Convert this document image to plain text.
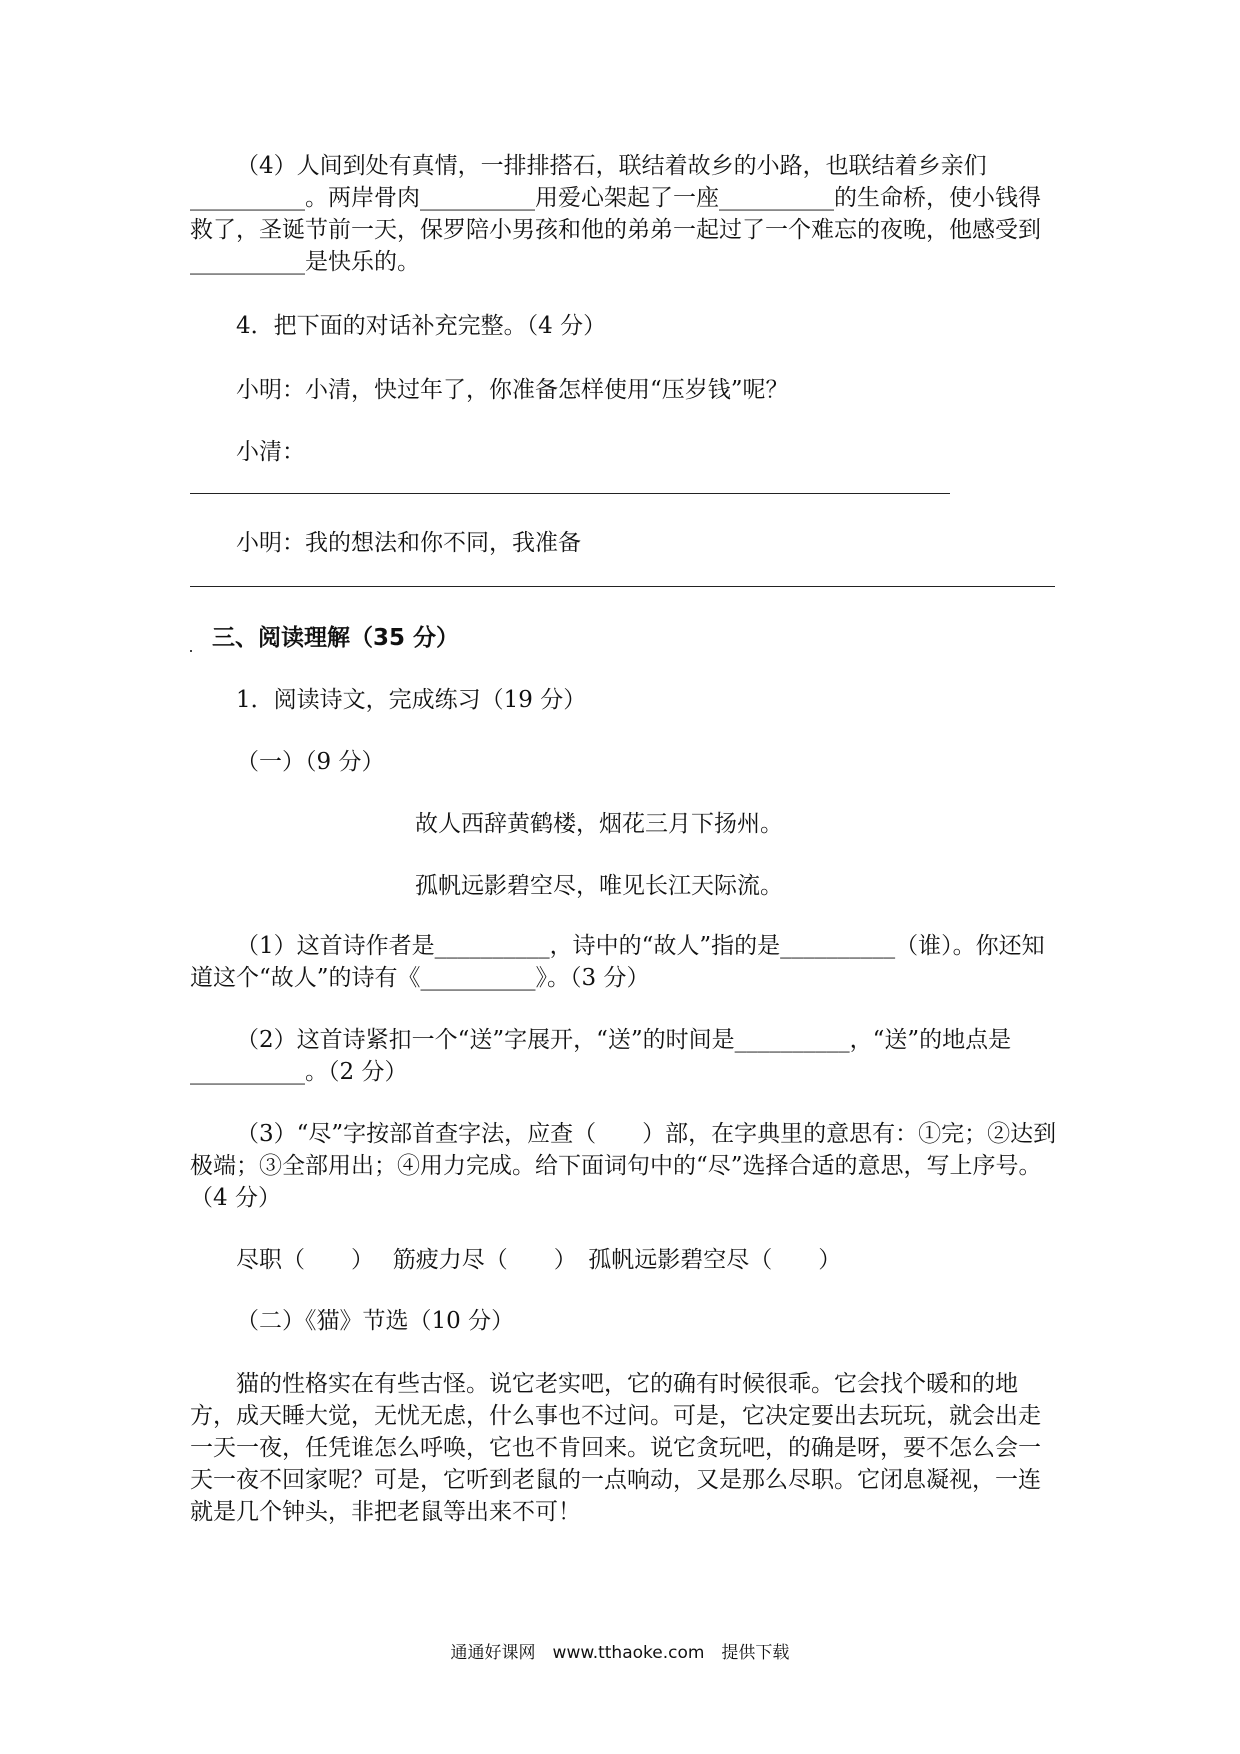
（4）人间到处有真情，一排排搭石，联结着故乡的小路，也联结着乡亲们__________。两岸骨肉__________用爱心架起了一座__________的生命桥，使小钱得救了，圣诞节前一天，保罗陪小男孩和他的弟弟一起过了一个难忘的夜晚，他感受到__________是快乐的。

4．把下面的对话补充完整。（4 分）

小明：小清，快过年了，你准备怎样使用“压岁钱”呢？

小清：

小明：我的想法和你不同，我准备

三、阅读理解（35 分）

1．阅读诗文，完成练习（19 分）

（一）（9 分）

故人西辞黄鹤楼，烟花三月下扬州。

孤帆远影碧空尽，唯见长江天际流。

（1）这首诗作者是__________，诗中的“故人”指的是__________（谁）。你还知道这个“故人”的诗有《__________》。（3 分）

（2）这首诗紧扣一个“送”字展开，“送”的时间是__________，“送”的地点是__________。（2 分）

（3）“尽”字按部首查字法，应查（　　）部，在字典里的意思有：①完；②达到极端；③全部用出；④用力完成。给下面词句中的“尽”选择合适的意思，写上序号。（4 分）

尽职（　　）　 筋疲力尽（　　）　孤帆远影碧空尽（　　）

（二）《猫》节选（10 分）

猫的性格实在有些古怪。说它老实吧，它的确有时候很乖。它会找个暖和的地方，成天睡大觉，无忧无虑，什么事也不过问。可是，它决定要出去玩玩，就会出走一天一夜，任凭谁怎么呼唤，它也不肯回来。说它贪玩吧，的确是呀，要不怎么会一天一夜不回家呢？可是，它听到老鼠的一点响动，又是那么尽职。它闭息凝视，一连就是几个钟头，非把老鼠等出来不可！

通通好课网　www.tthaoke.com　提供下载
